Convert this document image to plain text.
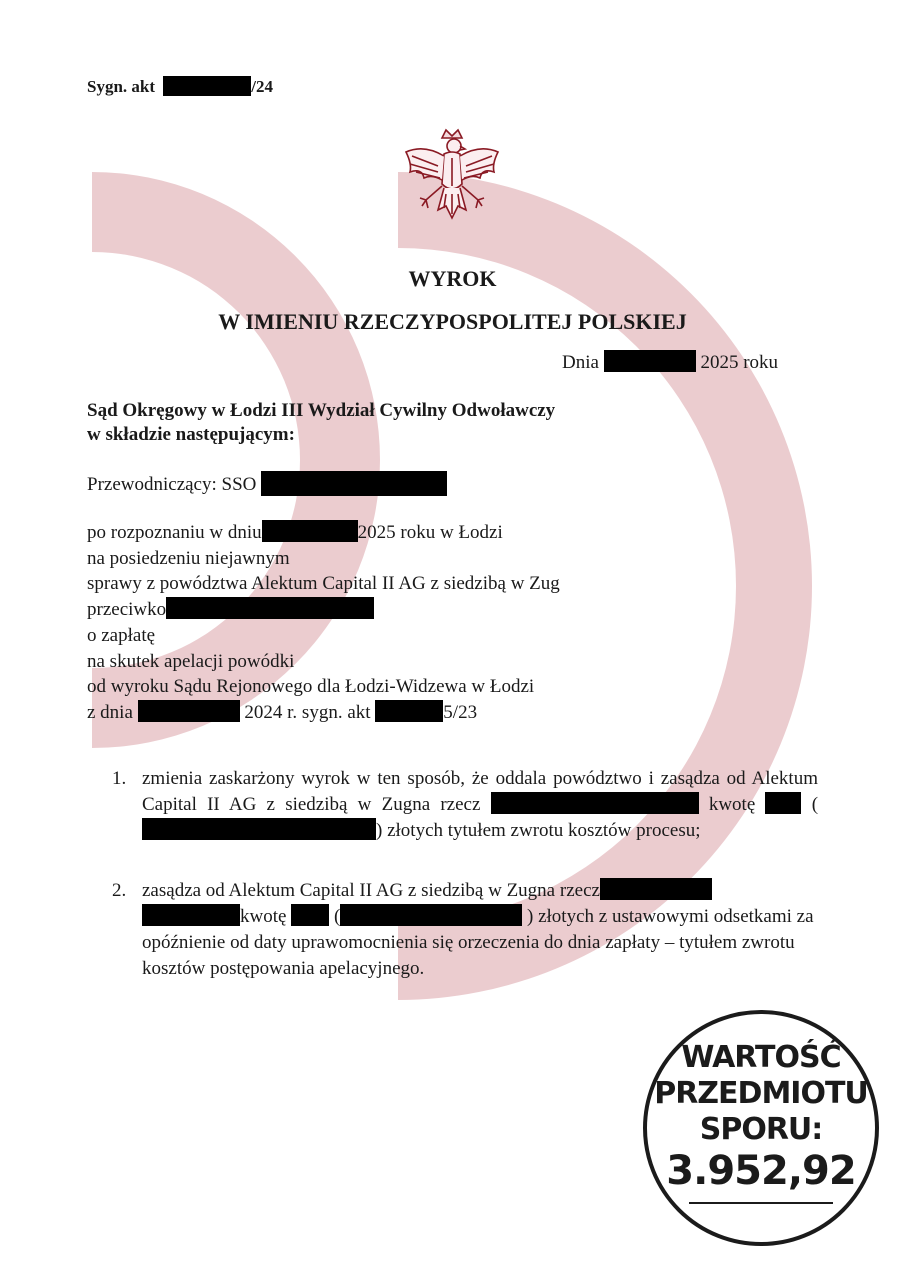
Sygn. akt	/24
WYROK
W IMIENIU RZECZYPOSPOLITEJ POLSKIEJ
Dnia	2025 roku
Sąd Okręgowy w Łodzi III Wydział Cywilny Odwoławczy
w składzie następującym:
Przewodniczący: SSO
po rozpoznaniu w dniu	2025 roku w Łodzi
na posiedzeniu niejawnym
sprawy z powództwa Alektum Capital II AG z siedzibą w Zug
przeciwko
o zapłatę
na skutek apelacji powódki
od wyroku Sądu Rejonowego dla Łodzi-Widzewa w Łodzi
z dnia	2024 r. sygn. akt	5/23
1. zmienia zaskarżony wyrok w ten sposób, że oddala powództwo i zasądza od Alektum Capital II AG z siedzibą w Zugna rzecz	kwotę	() złotych tytułem zwrotu kosztów procesu;
2. zasądza od Alektum Capital II AG z siedzibą w Zugna rzecz
kwotę	(	) złotych z ustawowymi odsetkami za opóźnienie od daty uprawomocnienia się orzeczenia do dnia zapłaty – tytułem zwrotu kosztów postępowania apelacyjnego.
WARTOŚĆ
PRZEDMIOTU
SPORU:
3.952,92
